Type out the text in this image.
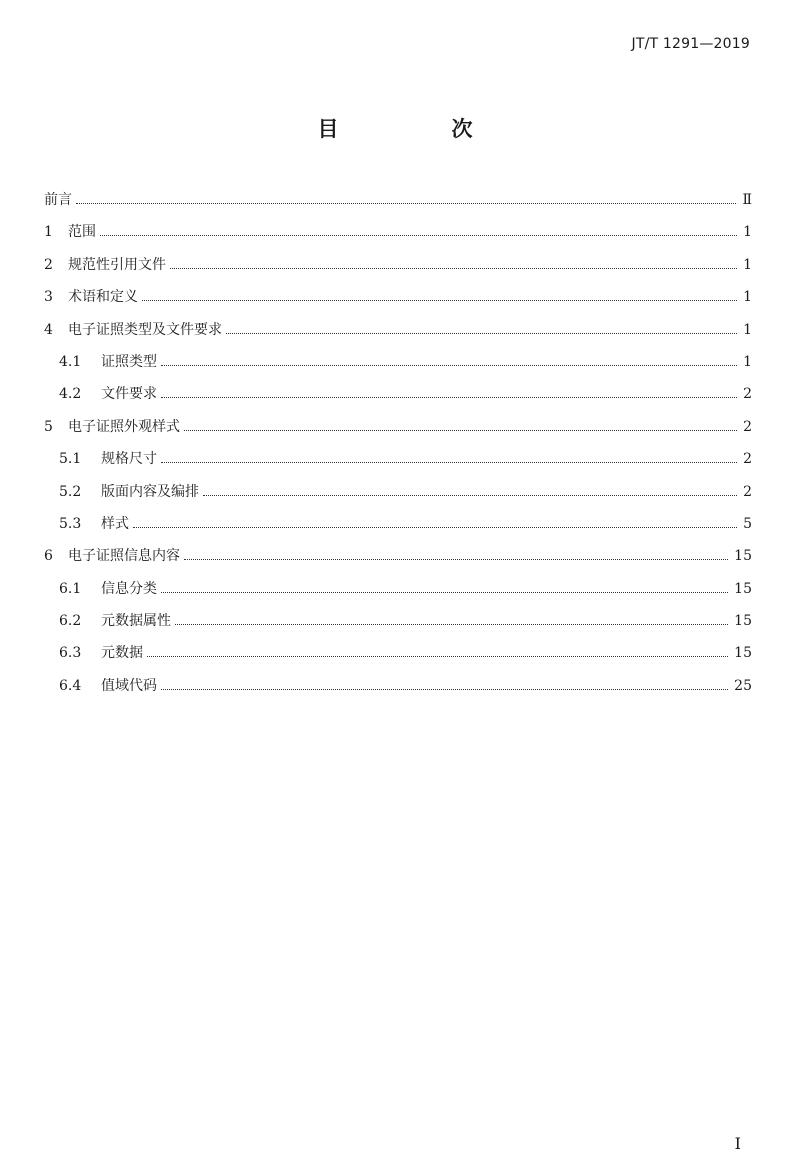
JT/T 1291—2019
目　次
前言	Ⅱ
1	范围	1
2	规范性引用文件	1
3	术语和定义	1
4	电子证照类型及文件要求	1
4.1	证照类型	1
4.2	文件要求	2
5	电子证照外观样式	2
5.1	规格尺寸	2
5.2	版面内容及编排	2
5.3	样式	5
6	电子证照信息内容	15
6.1	信息分类	15
6.2	元数据属性	15
6.3	元数据	15
6.4	值域代码	25
I
